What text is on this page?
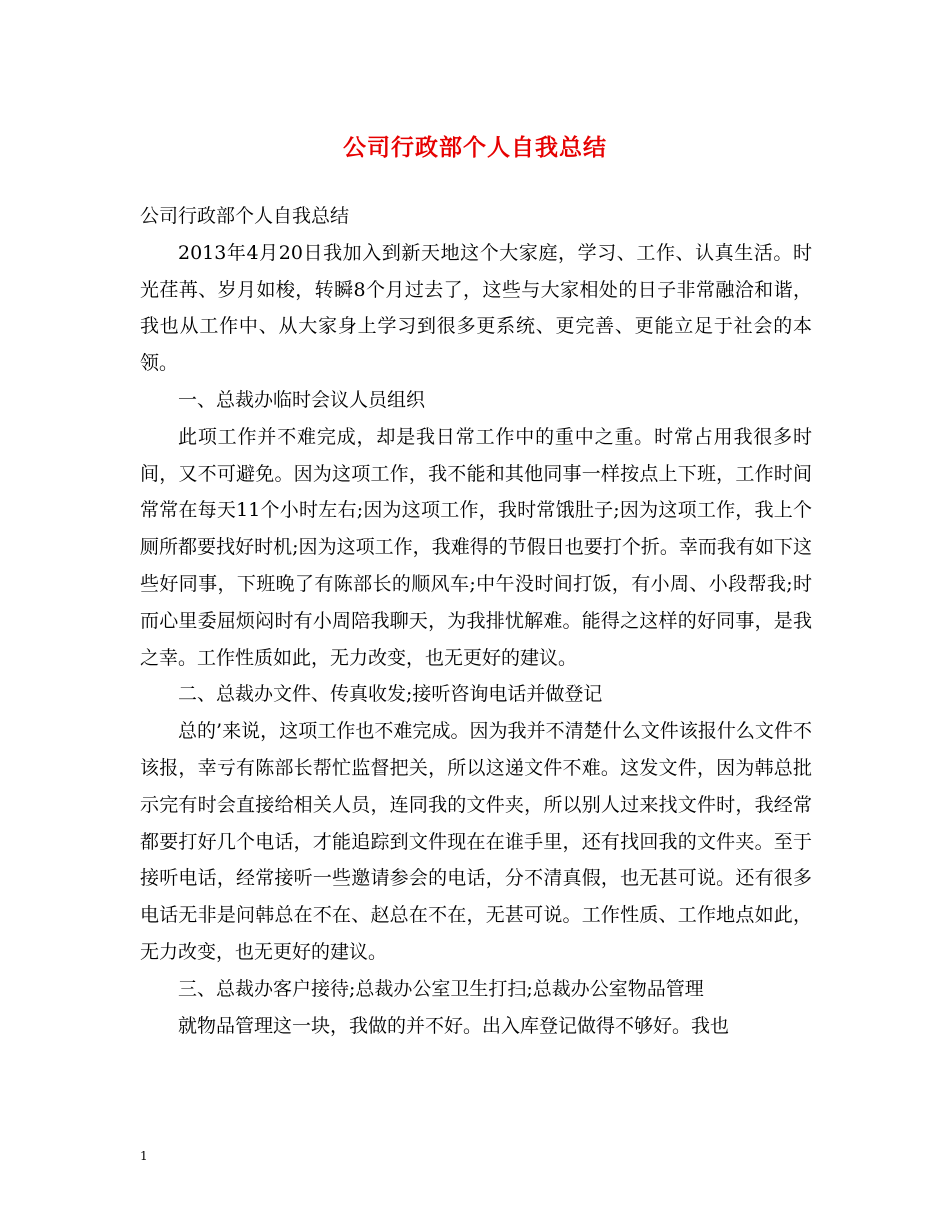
公司行政部个人自我总结

公司行政部个人自我总结

2013年4月20日我加入到新天地这个大家庭，学习、工作、认真生活。时光荏苒、岁月如梭，转瞬8个月过去了，这些与大家相处的日子非常融洽和谐，我也从工作中、从大家身上学习到很多更系统、更完善、更能立足于社会的本领。

一、总裁办临时会议人员组织

此项工作并不难完成，却是我日常工作中的重中之重。时常占用我很多时间，又不可避免。因为这项工作，我不能和其他同事一样按点上下班，工作时间常常在每天11个小时左右;因为这项工作，我时常饿肚子;因为这项工作，我上个厕所都要找好时机;因为这项工作，我难得的节假日也要打个折。幸而我有如下这些好同事，下班晚了有陈部长的顺风车;中午没时间打饭，有小周、小段帮我;时而心里委屈烦闷时有小周陪我聊天，为我排忧解难。能得之这样的好同事，是我之幸。工作性质如此，无力改变，也无更好的建议。

二、总裁办文件、传真收发;接听咨询电话并做登记

总的’来说，这项工作也不难完成。因为我并不清楚什么文件该报什么文件不该报，幸亏有陈部长帮忙监督把关，所以这递文件不难。这发文件，因为韩总批示完有时会直接给相关人员，连同我的文件夹，所以别人过来找文件时，我经常都要打好几个电话，才能追踪到文件现在在谁手里，还有找回我的文件夹。至于接听电话，经常接听一些邀请参会的电话，分不清真假，也无甚可说。还有很多电话无非是问韩总在不在、赵总在不在，无甚可说。工作性质、工作地点如此，无力改变，也无更好的建议。

三、总裁办客户接待;总裁办公室卫生打扫;总裁办公室物品管理

就物品管理这一块，我做的并不好。出入库登记做得不够好。我也

1
